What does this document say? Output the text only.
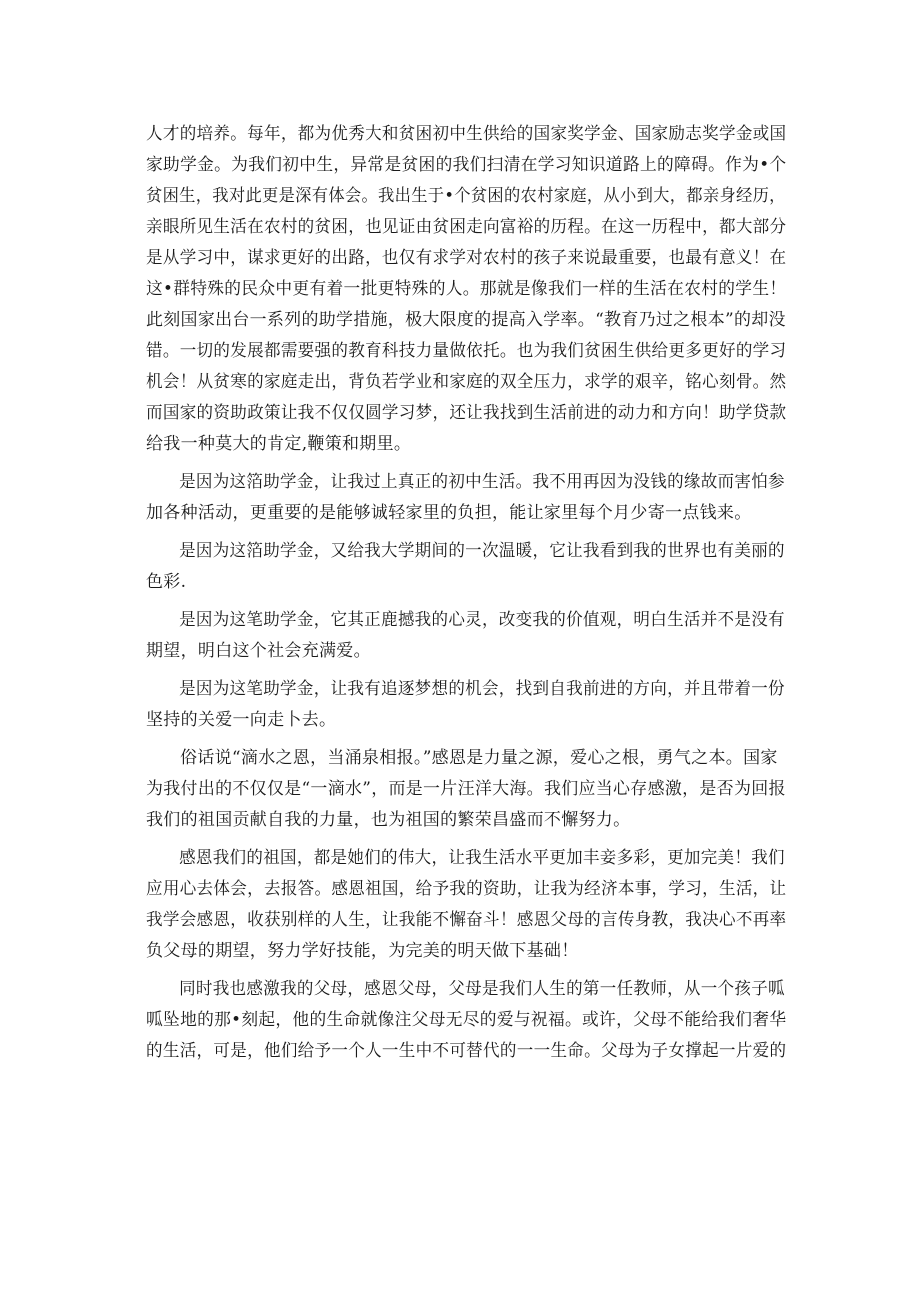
人才的培养。每年，都为优秀大和贫困初中生供给的国家奖学金、国家励志奖学金或国
家助学金。为我们初中生，异常是贫困的我们扫清在学习知识道路上的障碍。作为•个
贫困生，我对此更是深有体会。我出生于•个贫困的农村家庭，从小到大，都亲身经历，
亲眼所见生活在农村的贫困，也见证由贫困走向富裕的历程。在这一历程中，都大部分
是从学习中，谋求更好的出路，也仅有求学对农村的孩子来说最重要，也最有意义！在
这•群特殊的民众中更有着一批更特殊的人。那就是像我们一样的生活在农村的学生！
此刻国家出台一系列的助学措施，极大限度的提高入学率。“教育乃过之根本”的却没
错。一切的发展都需要强的教育科技力量做依托。也为我们贫困生供给更多更好的学习
机会！从贫寒的家庭走出，背负若学业和家庭的双全压力，求学的艰辛，铭心刻骨。然
而国家的资助政策让我不仅仅圆学习梦，还让我找到生活前进的动力和方向！助学贷款
给我一种莫大的肯定,鞭策和期里。

是因为这箔助学金，让我过上真正的初中生活。我不用再因为没钱的缘故而害怕参
加各种活动，更重要的是能够诚轻家里的负担，能让家里每个月少寄一点钱来。

是因为这箔助学金，又给我大学期间的一次温暖，它让我看到我的世界也有美丽的
色彩.

是因为这笔助学金，它其正鹿撼我的心灵，改变我的价值观，明白生活并不是没有
期望，明白这个社会充满爱。

是因为这笔助学金，让我有追逐梦想的机会，找到自我前进的方向，并且带着一份
坚持的关爱一向走卜去。

俗话说“滴水之恩，当涌泉相报。”感恩是力量之源，爱心之根，勇气之本。国家
为我付出的不仅仅是“一滴水”，而是一片汪洋大海。我们应当心存感激，是否为回报
我们的祖国贡献自我的力量，也为祖国的繁荣昌盛而不懈努力。

感恩我们的祖国，都是她们的伟大，让我生活水平更加丰妾多彩，更加完美！我们
应用心去体会，去报答。感恩祖国，给予我的资助，让我为经济本事，学习，生活，让
我学会感恩，收获别样的人生，让我能不懈奋斗！感恩父母的言传身教，我决心不再率
负父母的期望，努力学好技能，为完美的明天做下基础！

同时我也感激我的父母，感恩父母，父母是我们人生的第一任教师，从一个孩子呱
呱坠地的那•刻起，他的生命就像注父母无尽的爱与祝福。或许，父母不能给我们奢华
的生活，可是，他们给予一个人一生中不可替代的一一生命。父母为子女撑起一片爱的
